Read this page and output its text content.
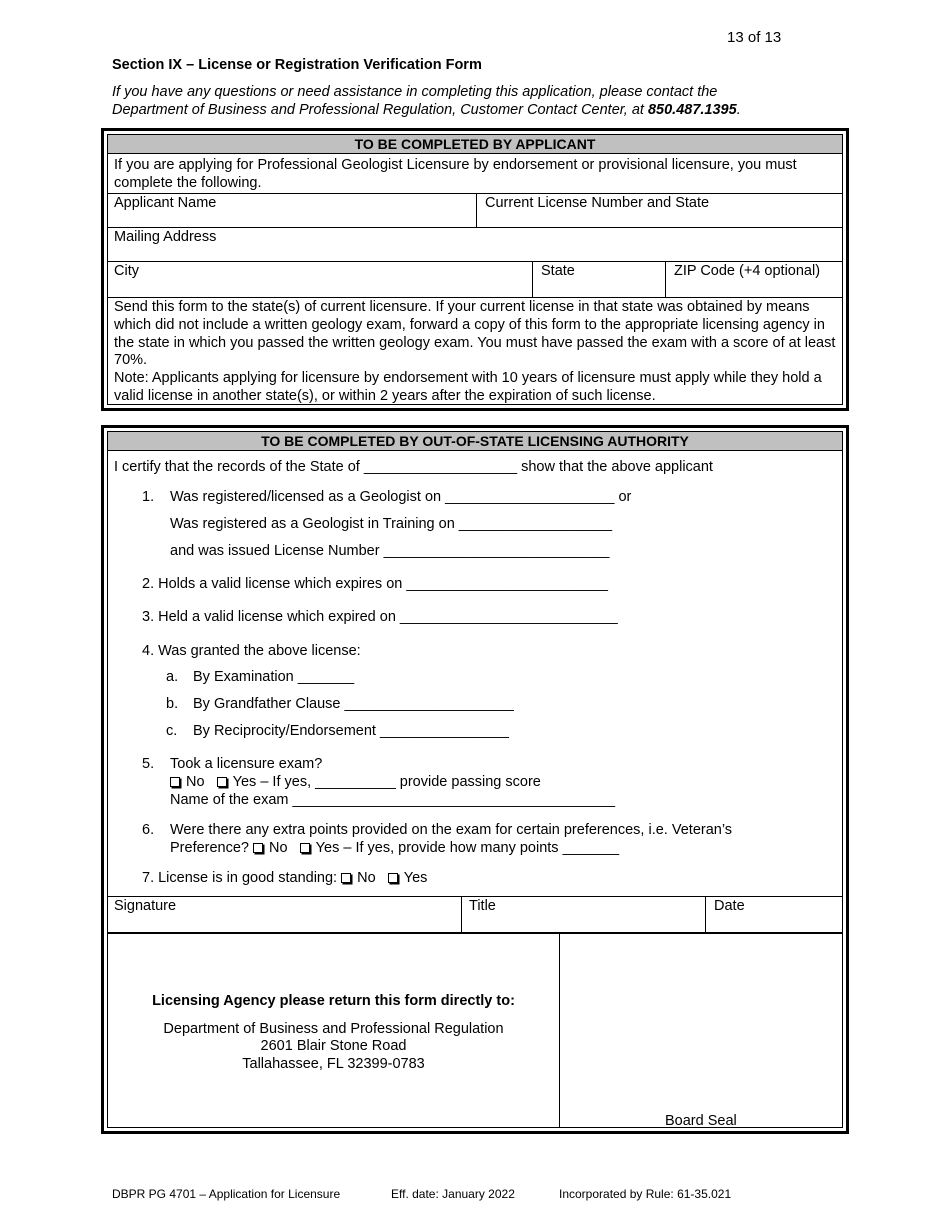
13 of 13
Section IX – License or Registration Verification Form
If you have any questions or need assistance in completing this application, please contact the
Department of Business and Professional Regulation, Customer Contact Center, at 850.487.1395.
TO BE COMPLETED BY APPLICANT
If you are applying for Professional Geologist Licensure by endorsement or provisional licensure, you must complete the following.
Applicant Name	Current License Number and State
Mailing Address
City	State	ZIP Code (+4 optional)
Send this form to the state(s) of current licensure. If your current license in that state was obtained by means which did not include a written geology exam, forward a copy of this form to the appropriate licensing agency in the state in which you passed the written geology exam. You must have passed the exam with a score of at least 70%.
Note: Applicants applying for licensure by endorsement with 10 years of licensure must apply while they hold a valid license in another state(s), or within 2 years after the expiration of such license.
TO BE COMPLETED BY OUT-OF-STATE LICENSING AUTHORITY
I certify that the records of the State of ___________________ show that the above applicant
1. Was registered/licensed as a Geologist on _____________________ or
Was registered as a Geologist in Training on ___________________
and was issued License Number ____________________________
2. Holds a valid license which expires on _________________________
3. Held a valid license which expired on ___________________________
4. Was granted the above license:
a. By Examination _______
b. By Grandfather Clause _____________________
c. By Reciprocity/Endorsement ________________
5. Took a licensure exam?
No Yes – If yes, __________ provide passing score
Name of the exam ________________________________________
6. Were there any extra points provided on the exam for certain preferences, i.e. Veteran’s
Preference? No Yes – If yes, provide how many points _______
7. License is in good standing: No Yes
Signature	Title	Date
Licensing Agency please return this form directly to:
Department of Business and Professional Regulation
2601 Blair Stone Road
Tallahassee, FL 32399-0783
Board Seal
DBPR PG 4701 – Application for Licensure	Eff. date: January 2022	Incorporated by Rule: 61-35.021
